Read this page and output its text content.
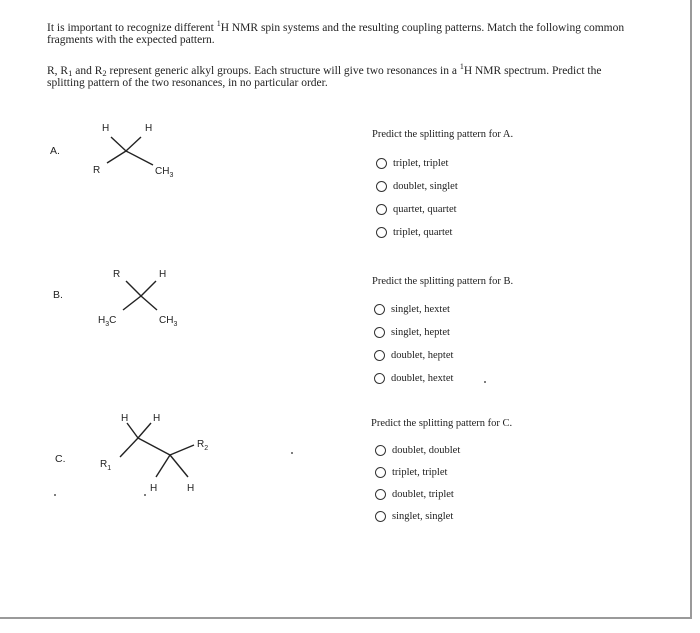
It is important to recognize different $^1$H NMR spin systems and the resulting coupling patterns. Match the following common
fragments with the expected pattern.
R, R1 and R2 represent generic alkyl groups. Each structure will give two resonances in a $^1$H NMR spectrum. Predict the
splitting pattern of the two resonances, in no particular order.
A.
H	H
R	$CH_3$
Predict the splitting pattern for A.
triplet, triplet
doublet, singlet
quartet, quartet
triplet, quartet
B.
R	H
$H_3C$	$CH_3$
Predict the splitting pattern for B.
singlet, hextet
singlet, heptet
doublet, heptet
doublet, hextet
C.
H H
$R_1$
$R_2$
H	H
Predict the splitting pattern for C.
doublet, doublet
triplet, triplet
doublet, triplet
singlet, singlet
